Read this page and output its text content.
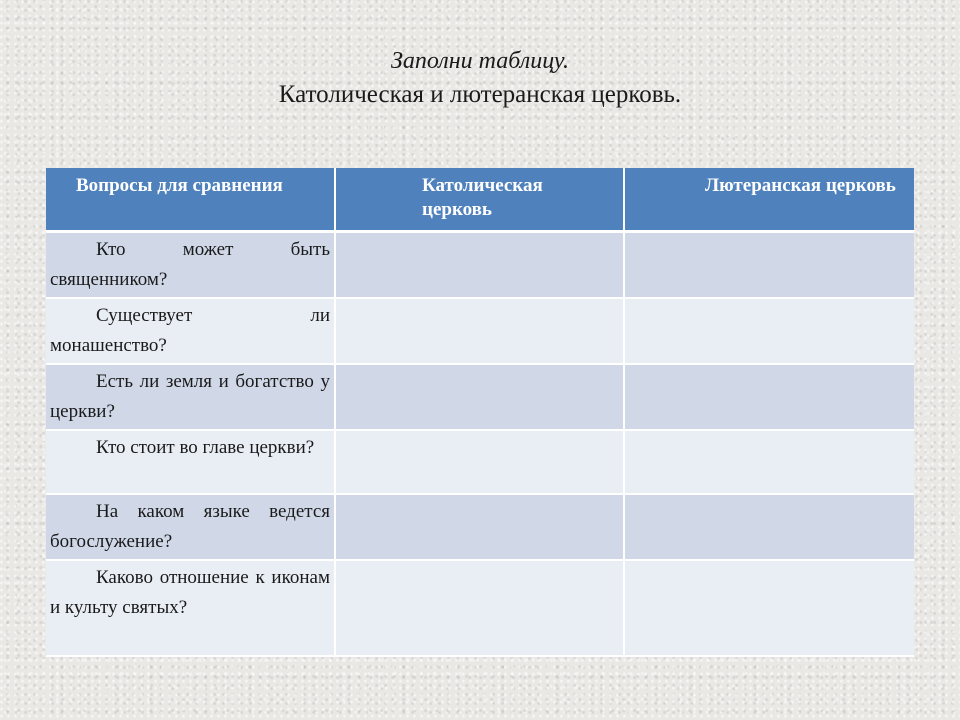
Заполни таблицу.
Католическая и лютеранская церковь.
Вопросы для сравнения	Католическая церковь	Лютеранская церковь

Кто может быть священником?		

Существует ли монашенство?		

Есть ли земля и богатство у церкви?		

Кто стоит во главе церкви?		

На каком языке ведется богослужение?		

Каково отношение к иконам и культу святых?		
